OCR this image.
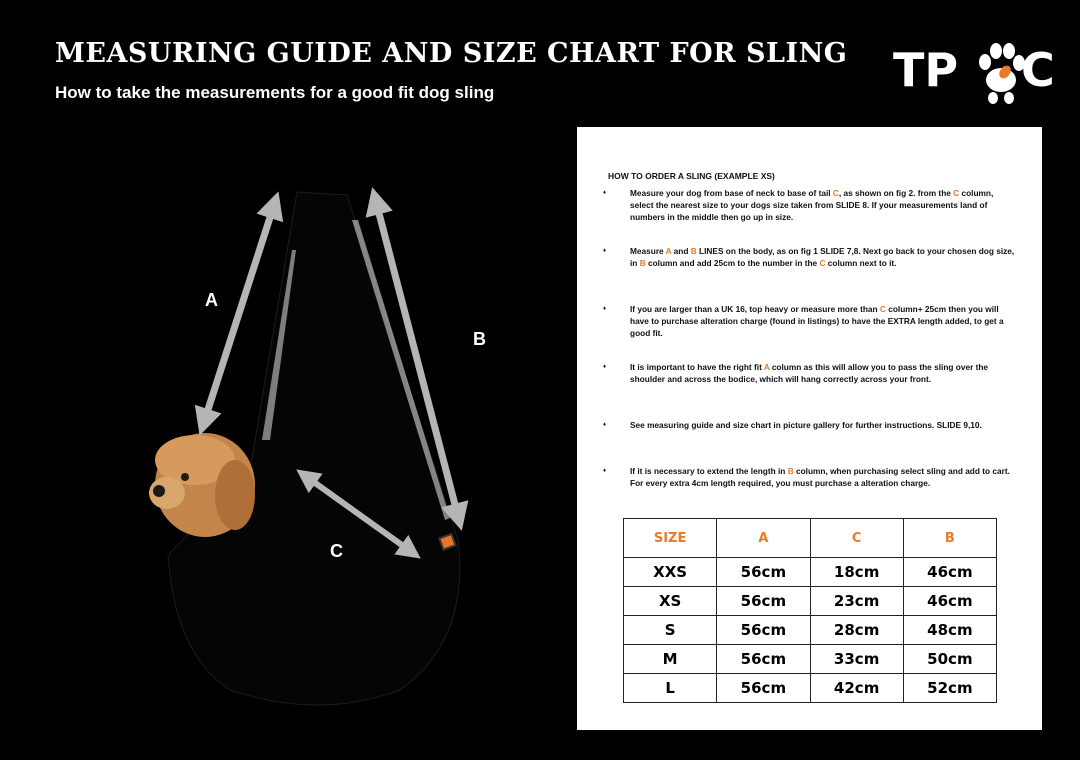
MEASURING GUIDE AND SIZE CHART FOR SLING
How to take the measurements for a good fit dog sling	TP C
A
B
C
HOW TO ORDER A SLING (EXAMPLE XS)
♦	Measure your dog from base of neck to base of tail C, as shown on fig 2. from the C column, select the nearest size to your dogs size taken from SLIDE 8. If your measurements land of numbers in the middle then go up in size.
♦	Measure A and B LINES on the body, as on fig 1 SLIDE 7,8. Next go back to your chosen dog size, in B column and add 25cm to the number in the C column next to it.
♦	If you are larger than a UK 16, top heavy or measure more than C column+ 25cm then you will have to purchase alteration charge (found in listings) to have the EXTRA length added, to get a good fit.
♦	It is important to have the right fit A column as this will allow you to pass the sling over the shoulder and across the bodice, which will hang correctly across your front.
♦	See measuring guide and size chart in picture gallery for further instructions. SLIDE 9,10.
♦	If it is necessary to extend the length in B column, when purchasing select sling and add to cart. For every extra 4cm length required, you must purchase a alteration charge.
SIZE	A	C	B
XXS	56cm	18cm	46cm
XS	56cm	23cm	46cm
S	56cm	28cm	48cm
M	56cm	33cm	50cm
L	56cm	42cm	52cm
